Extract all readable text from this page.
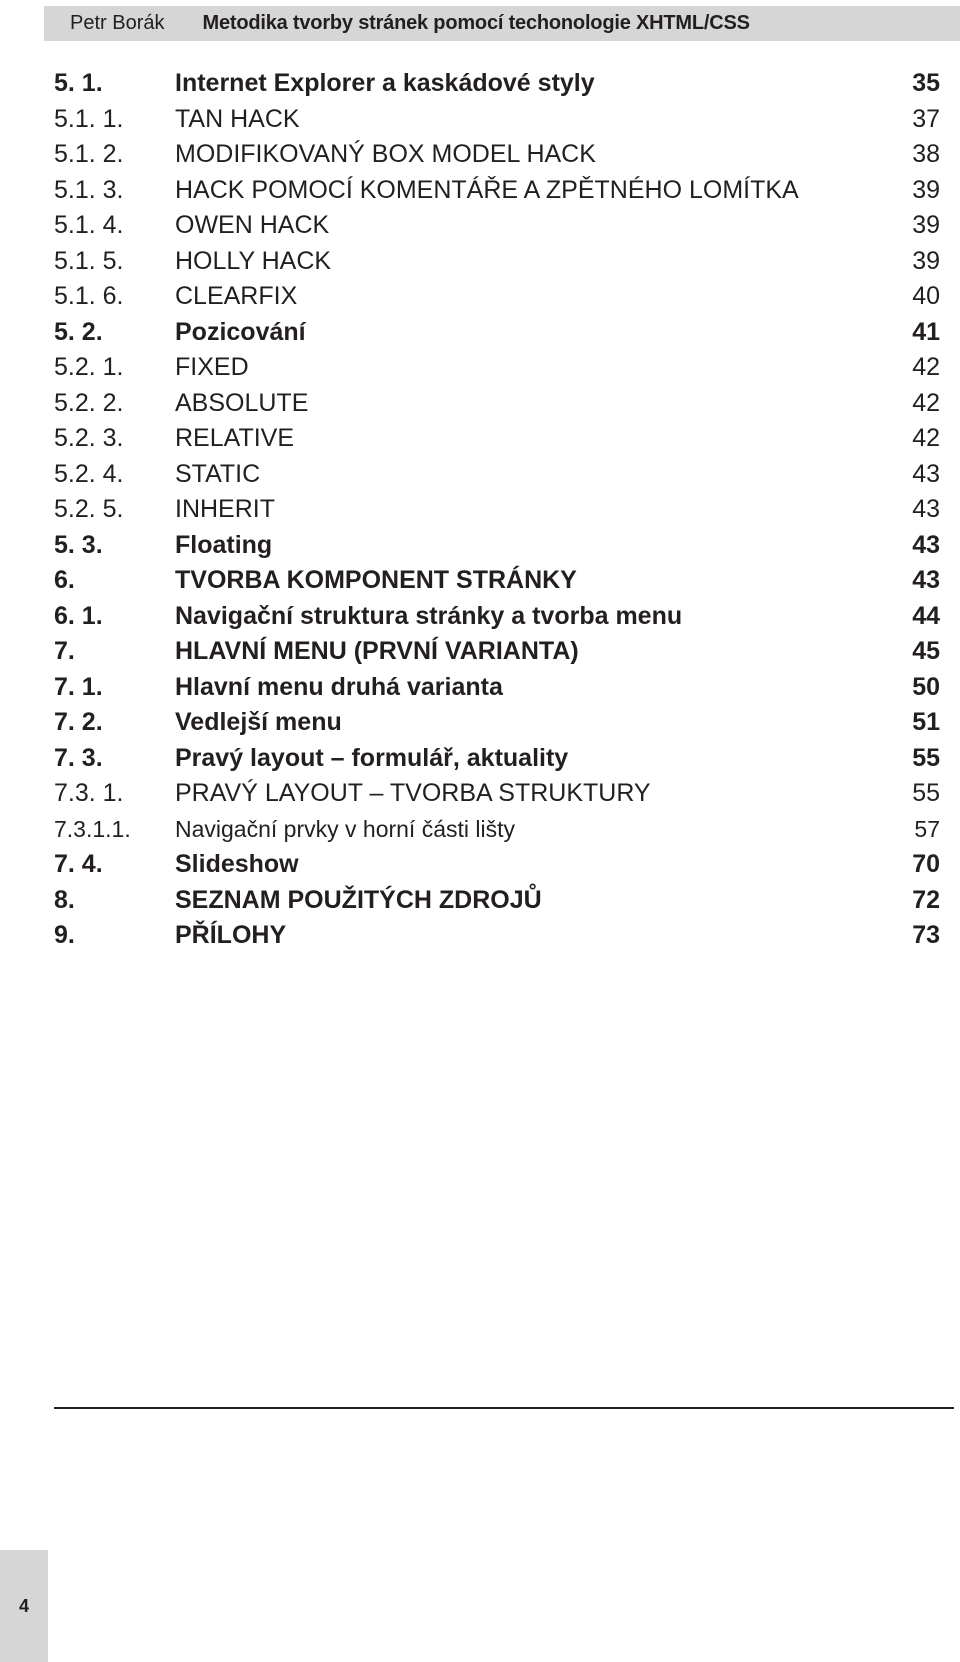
Petr Borák Metodika tvorby stránek pomocí techonologie XHTML/CSS
5. 1.	Internet Explorer a kaskádové styly	35
5.1. 1. TAN HACK	37
5.1. 2. MODIFIKOVANÝ BOX MODEL HACK	38
5.1. 3. HACK POMOCÍ KOMENTÁŘE A ZPĚTNÉHO LOMÍTKA	39
5.1. 4. OWEN HACK	39
5.1. 5. HOLLY HACK	39
5.1. 6. CLEARFIX	40
5. 2.	Pozicování	41
5.2. 1. FIXED	42
5.2. 2. ABSOLUTE	42
5.2. 3. RELATIVE	42
5.2. 4. STATIC	43
5.2. 5. INHERIT	43
5. 3.	Floating	43
6.	TVORBA KOMPONENT STRÁNKY	43
6. 1.	Navigační struktura stránky a tvorba menu	44
7.	HLAVNÍ MENU (PRVNÍ VARIANTA)	45
7. 1.	Hlavní menu druhá varianta	50
7. 2.	Vedlejší menu	51
7. 3.	Pravý layout – formulář, aktuality	55
7.3. 1. PRAVÝ LAYOUT – TVORBA STRUKTURY	55
7.3.1.1. Navigační prvky v horní části lišty	57
7. 4.	Slideshow	70
8.	SEZNAM POUŽITÝCH ZDROJŮ	72
9.	PŘÍLOHY	73
4
